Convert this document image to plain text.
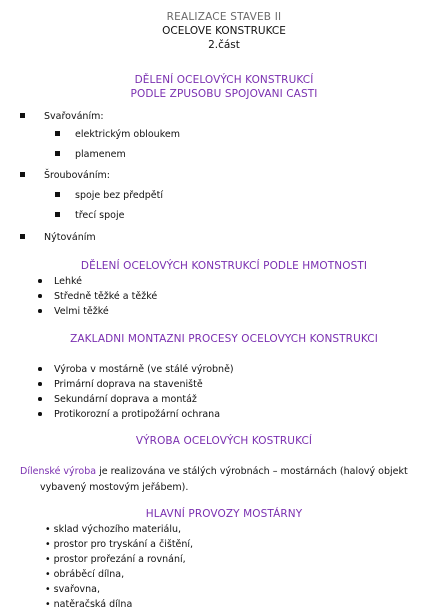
REALIZACE STAVEB II
OCELOVE KONSTRUKCE
2.část
DĚLENÍ OCELOVÝCH KONSTRUKCÍ
PODLE ZPUSOBU SPOJOVANI CASTI
Svařováním:
elektrickým obloukem
plamenem
Šroubováním:
spoje bez předpětí
třecí spoje
Nýtováním
DĚLENÍ OCELOVÝCH KONSTRUKCÍ PODLE HMOTNOSTI
Lehké
Středně těžké a těžké
Velmi těžké
ZAKLADNI MONTAZNI PROCESY OCELOVYCH KONSTRUKCI
Výroba v mostárně (ve stálé výrobně)
Primární doprava na staveniště
Sekundární doprava a montáž
Protikorozní a protipožární ochrana
VÝROBA OCELOVÝCH KOSTRUKCÍ
Dílenské výroba je realizována ve stálých výrobnách – mostárnách (halový objekt
vybavený mostovým jeřábem).
HLAVNÍ PROVOZY MOSTÁRNY
• sklad výchozího materiálu,
• prostor pro tryskání a čištění,
• prostor prořezání a rovnání,
• obráběcí dílna,
• svařovna,
• natěračská dílna
